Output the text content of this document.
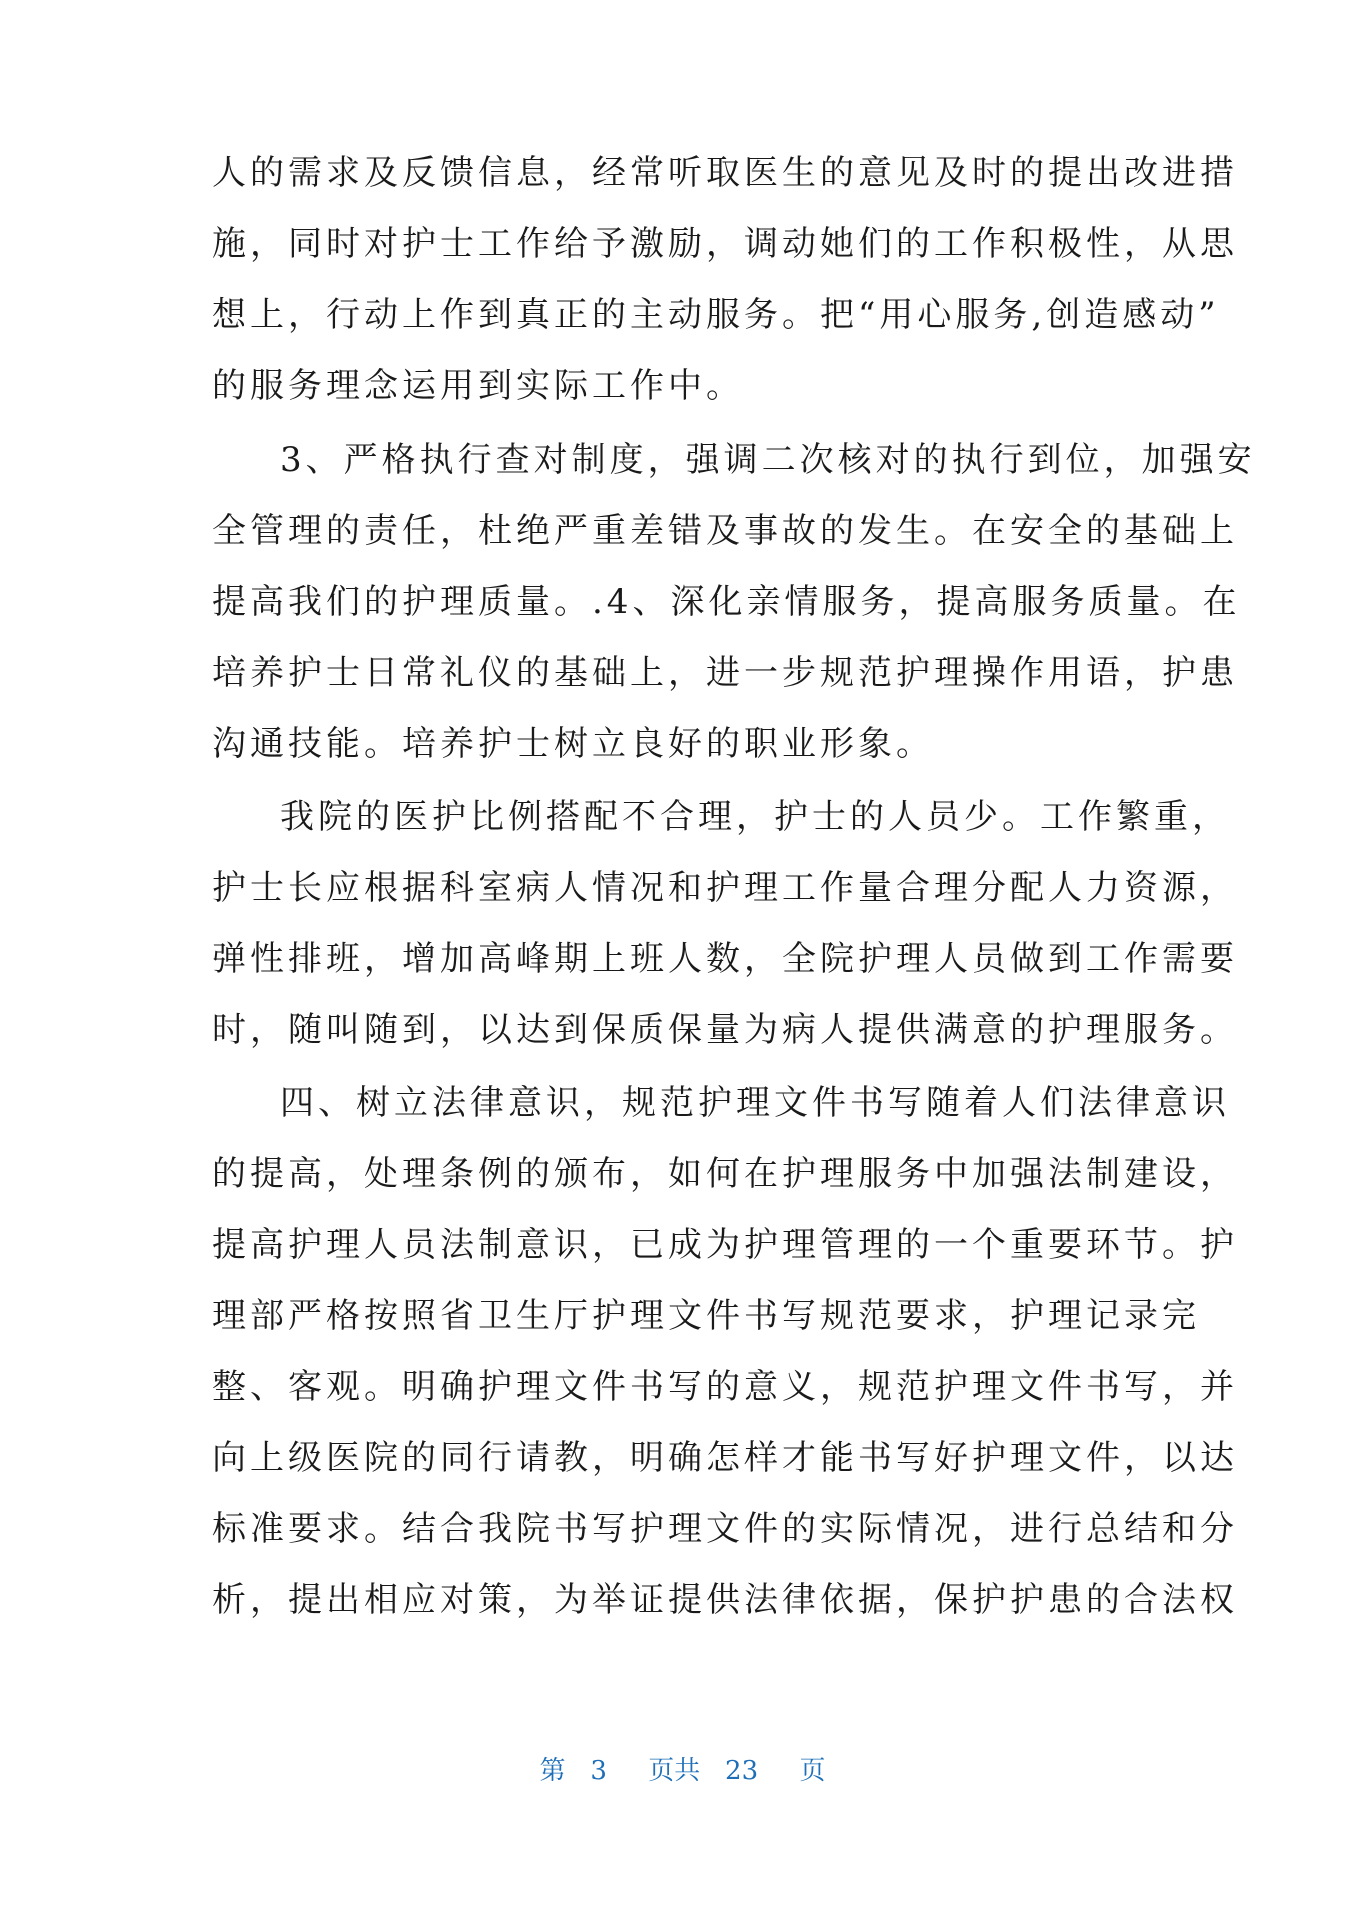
人的需求及反馈信息，经常听取医生的意见及时的提出改进措
施，同时对护士工作给予激励，调动她们的工作积极性，从思
想上，行动上作到真正的主动服务。把“用心服务,创造感动”
的服务理念运用到实际工作中。
3、严格执行查对制度，强调二次核对的执行到位，加强安
全管理的责任，杜绝严重差错及事故的发生。在安全的基础上
提高我们的护理质量。.4、深化亲情服务，提高服务质量。在
培养护士日常礼仪的基础上，进一步规范护理操作用语，护患
沟通技能。培养护士树立良好的职业形象。
我院的医护比例搭配不合理，护士的人员少。工作繁重，
护士长应根据科室病人情况和护理工作量合理分配人力资源，
弹性排班，增加高峰期上班人数，全院护理人员做到工作需要
时，随叫随到，以达到保质保量为病人提供满意的护理服务。
四、树立法律意识，规范护理文件书写随着人们法律意识
的提高，处理条例的颁布，如何在护理服务中加强法制建设，
提高护理人员法制意识，已成为护理管理的一个重要环节。护
理部严格按照省卫生厅护理文件书写规范要求，护理记录完
整、客观。明确护理文件书写的意义，规范护理文件书写，并
向上级医院的同行请教，明确怎样才能书写好护理文件，以达
标准要求。结合我院书写护理文件的实际情况，进行总结和分
析，提出相应对策，为举证提供法律依据，保护护患的合法权
第 3 页共 23 页
